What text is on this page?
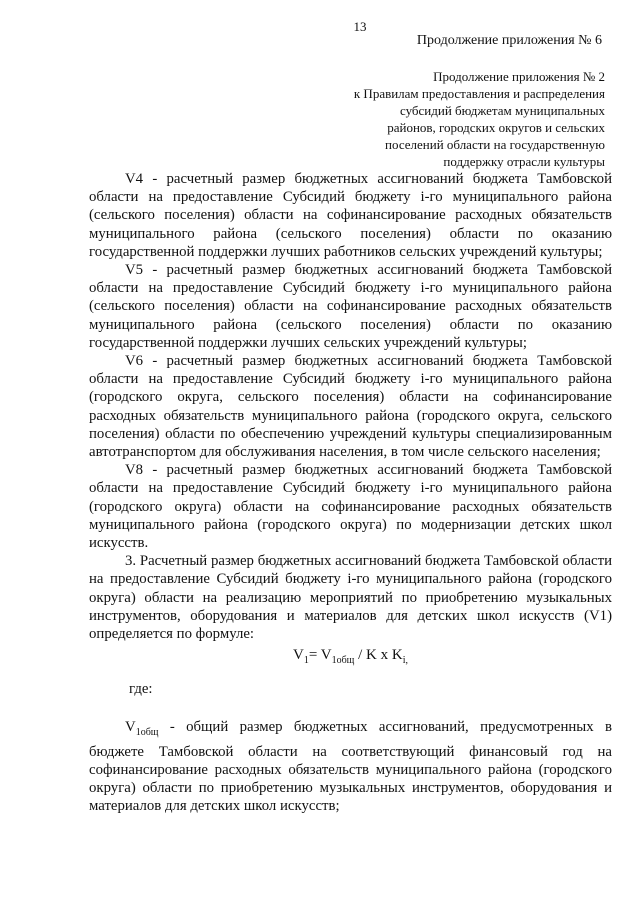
13
Продолжение приложения № 6
Продолжение приложения № 2
к Правилам предоставления и распределения
субсидий бюджетам муниципальных
районов, городских округов и сельских
поселений области на государственную
поддержку отрасли культуры

V4 - расчетный размер бюджетных ассигнований бюджета Тамбовской области на предоставление Субсидий бюджету i-го муниципального района (сельского поселения) области на софинансирование расходных обязательств муниципального района (сельского поселения) области по оказанию государственной поддержки лучших работников сельских учреждений культуры;

V5 - расчетный размер бюджетных ассигнований бюджета Тамбовской области на предоставление Субсидий бюджету i-го муниципального района (сельского поселения) области на софинансирование расходных обязательств муниципального района (сельского поселения) области по оказанию государственной поддержки лучших сельских учреждений культуры;

V6 - расчетный размер бюджетных ассигнований бюджета Тамбовской области на предоставление Субсидий бюджету i-го муниципального района (городского округа, сельского поселения) области на софинансирование расходных обязательств муниципального района (городского округа, сельского поселения) области по обеспечению учреждений культуры специализированным автотранспортом для обслуживания населения, в том числе сельского населения;

V8 - расчетный размер бюджетных ассигнований бюджета Тамбовской области на предоставление Субсидий бюджету i-го муниципального района (городского округа) области на софинансирование расходных обязательств муниципального района (городского округа) по модернизации детских школ искусств.

3. Расчетный размер бюджетных ассигнований бюджета Тамбовской области на предоставление Субсидий бюджету i-го муниципального района (городского округа) области на реализацию мероприятий по приобретению музыкальных инструментов, оборудования и материалов для детских школ искусств (V1) определяется по формуле:

$V_1= V_{1общ} / K$ x $K_{i,}$

где:

$V_{1общ}$ - общий размер бюджетных ассигнований, предусмотренных в бюджете Тамбовской области на соответствующий финансовый год на софинансирование расходных обязательств муниципального района (городского округа) области по приобретению музыкальных инструментов, оборудования и материалов для детских школ искусств;
